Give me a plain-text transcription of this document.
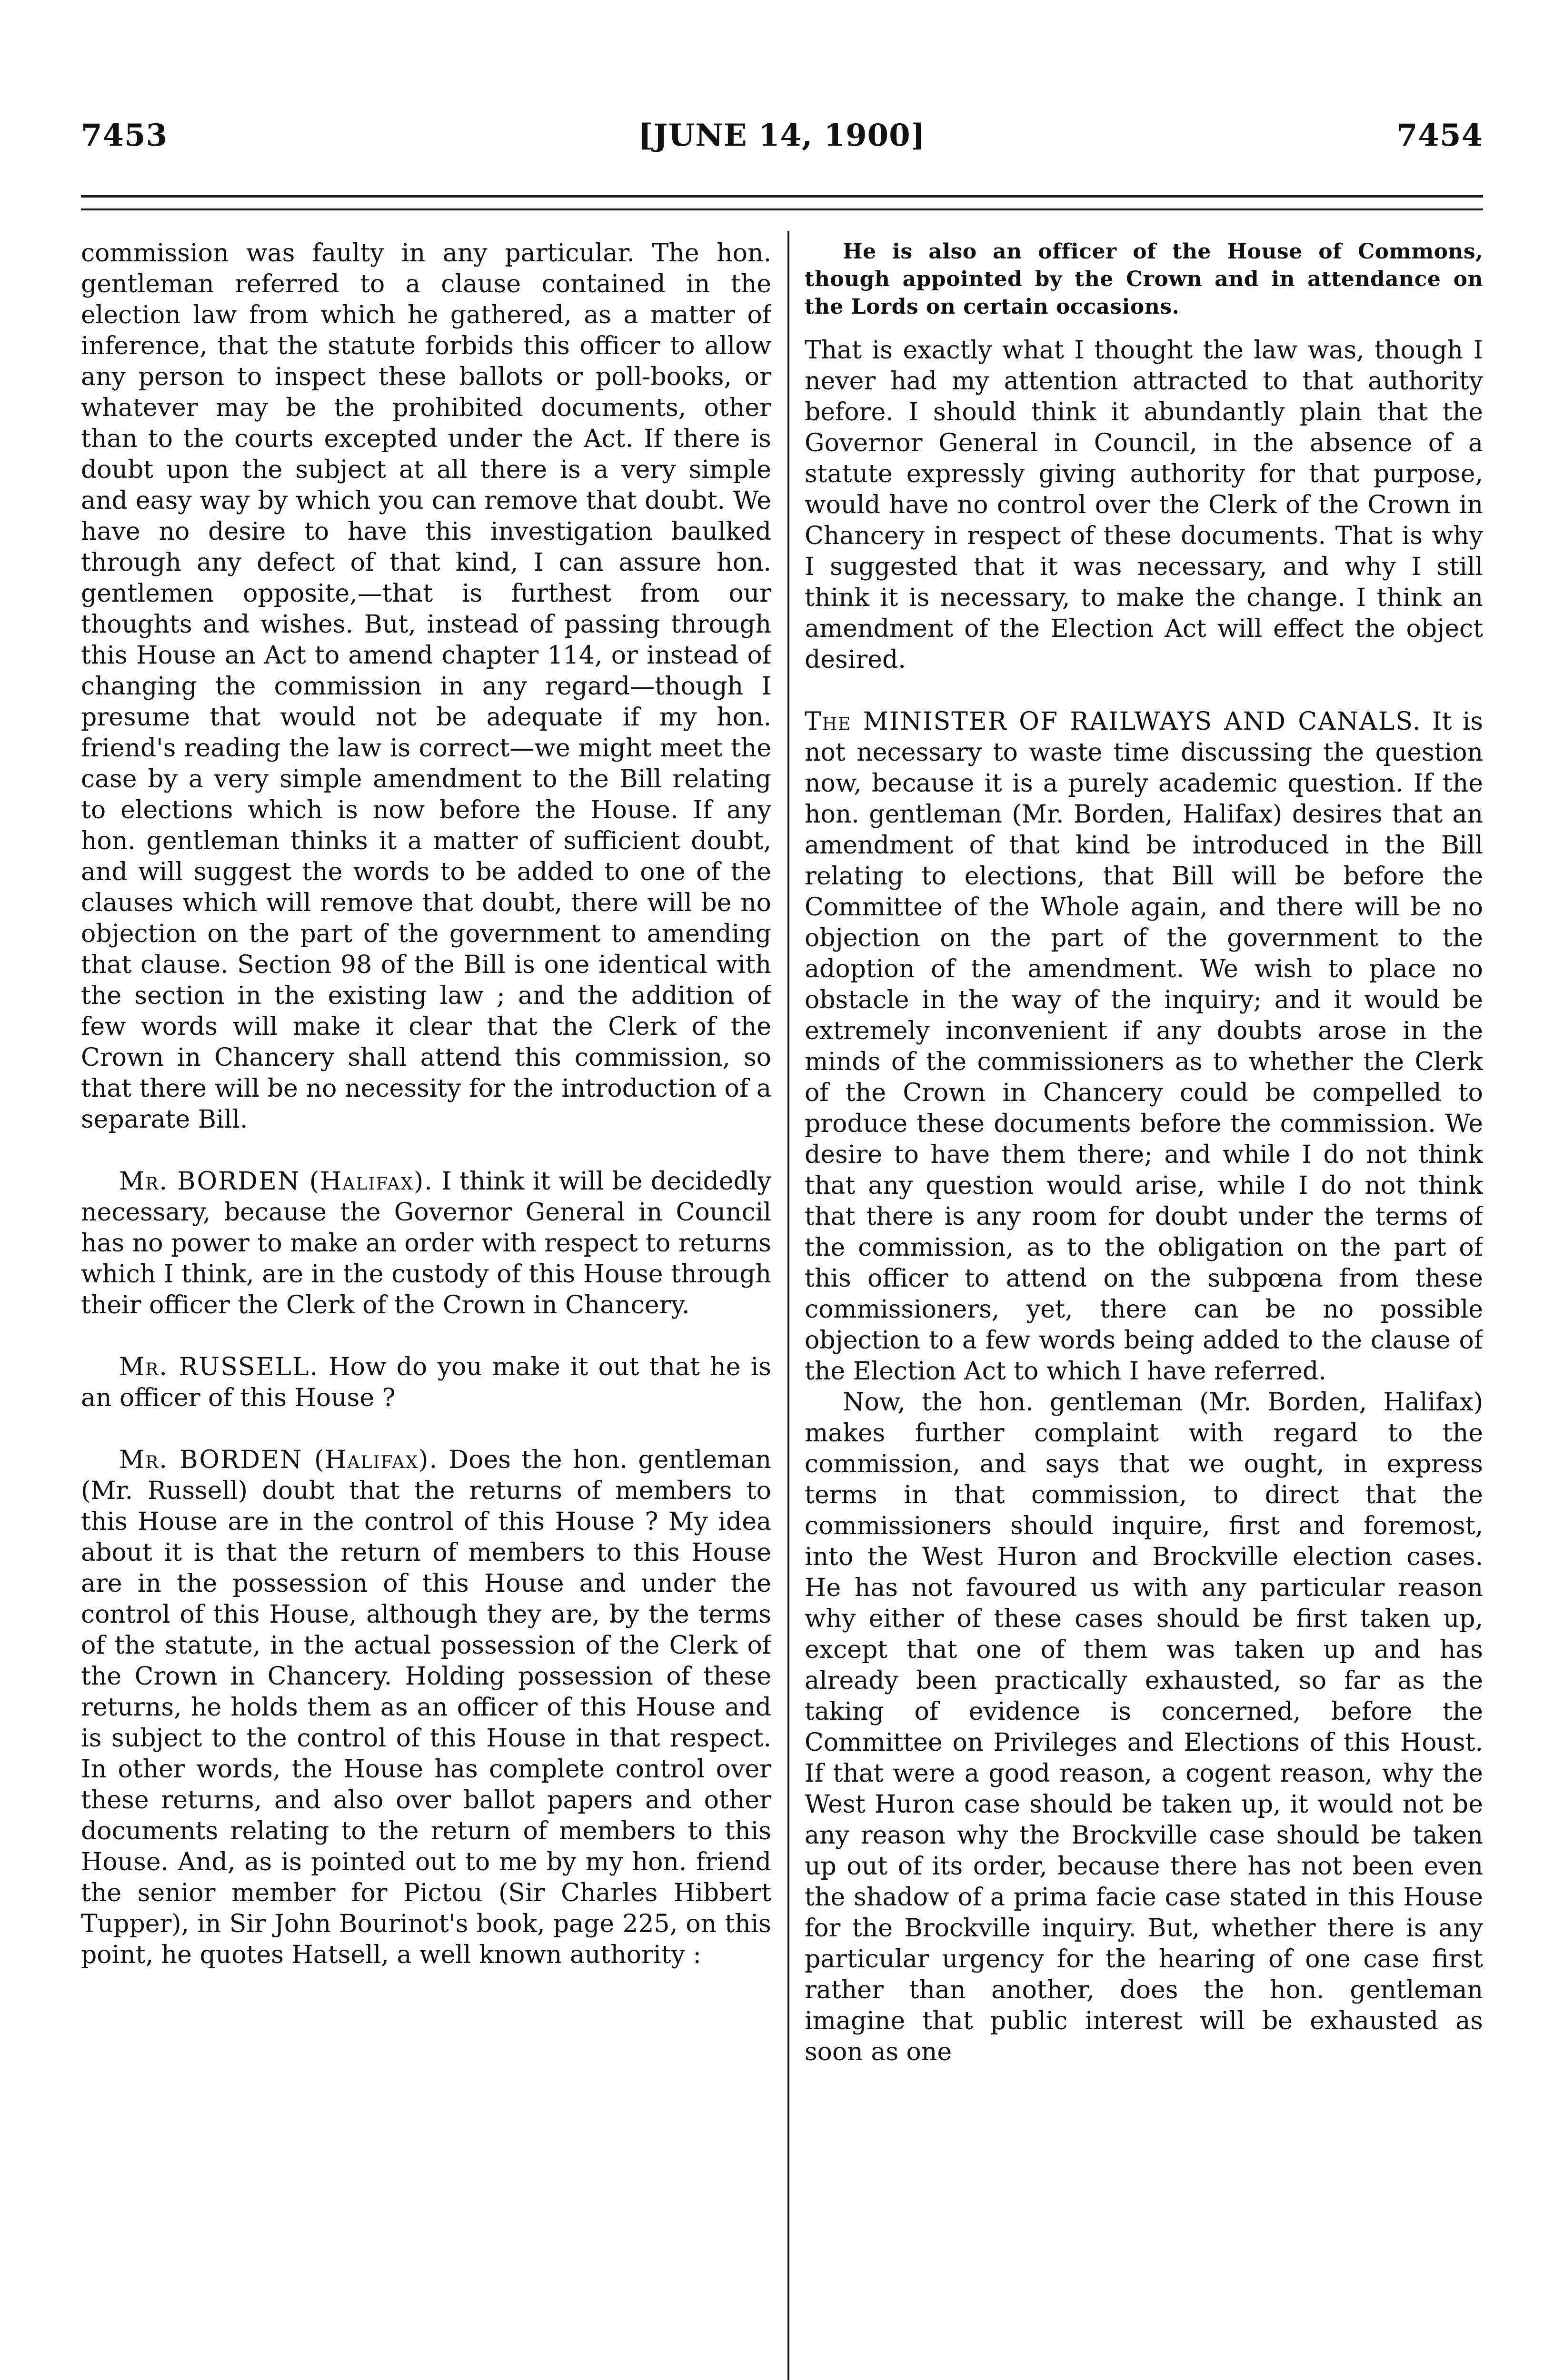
7453	[JUNE 14, 1900]	7454

commission was faulty in any particular. The hon. gentleman referred to a clause contained in the election law from which he gathered, as a matter of inference, that the statute forbids this officer to allow any person to inspect these ballots or poll-books, or whatever may be the prohibited documents, other than to the courts excepted under the Act. If there is doubt upon the subject at all there is a very simple and easy way by which you can remove that doubt. We have no desire to have this investigation baulked through any defect of that kind, I can assure hon. gentlemen opposite,—that is furthest from our thoughts and wishes. But, instead of passing through this House an Act to amend chapter 114, or instead of changing the commission in any regard—though I presume that would not be adequate if my hon. friend's reading the law is correct—we might meet the case by a very simple amendment to the Bill relating to elections which is now before the House. If any hon. gentleman thinks it a matter of sufficient doubt, and will suggest the words to be added to one of the clauses which will remove that doubt, there will be no objection on the part of the government to amending that clause. Section 98 of the Bill is one identical with the section in the existing law ; and the addition of few words will make it clear that the Clerk of the Crown in Chancery shall attend this commission, so that there will be no necessity for the introduction of a separate Bill.

Mr. BORDEN (Halifax). I think it will be decidedly necessary, because the Governor General in Council has no power to make an order with respect to returns which I think, are in the custody of this House through their officer the Clerk of the Crown in Chancery.

Mr. RUSSELL. How do you make it out that he is an officer of this House ?

Mr. BORDEN (Halifax). Does the hon. gentleman (Mr. Russell) doubt that the returns of members to this House are in the control of this House ? My idea about it is that the return of members to this House are in the possession of this House and under the control of this House, although they are, by the terms of the statute, in the actual possession of the Clerk of the Crown in Chancery. Holding possession of these returns, he holds them as an officer of this House and is subject to the control of this House in that respect. In other words, the House has complete control over these returns, and also over ballot papers and other documents relating to the return of members to this House. And, as is pointed out to me by my hon. friend the senior member for Pictou (Sir Charles Hibbert Tupper), in Sir John Bourinot's book, page 225, on this point, he quotes Hatsell, a well known authority :

He is also an officer of the House of Commons, though appointed by the Crown and in attendance on the Lords on certain occasions.

That is exactly what I thought the law was, though I never had my attention attracted to that authority before. I should think it abundantly plain that the Governor General in Council, in the absence of a statute expressly giving authority for that purpose, would have no control over the Clerk of the Crown in Chancery in respect of these documents. That is why I suggested that it was necessary, and why I still think it is necessary, to make the change. I think an amendment of the Election Act will effect the object desired.

The MINISTER OF RAILWAYS AND CANALS. It is not necessary to waste time discussing the question now, because it is a purely academic question. If the hon. gentleman (Mr. Borden, Halifax) desires that an amendment of that kind be introduced in the Bill relating to elections, that Bill will be before the Committee of the Whole again, and there will be no objection on the part of the government to the adoption of the amendment. We wish to place no obstacle in the way of the inquiry; and it would be extremely inconvenient if any doubts arose in the minds of the commissioners as to whether the Clerk of the Crown in Chancery could be compelled to produce these documents before the commission. We desire to have them there; and while I do not think that any question would arise, while I do not think that there is any room for doubt under the terms of the commission, as to the obligation on the part of this officer to attend on the subpœna from these commissioners, yet, there can be no possible objection to a few words being added to the clause of the Election Act to which I have referred.

Now, the hon. gentleman (Mr. Borden, Halifax) makes further complaint with regard to the commission, and says that we ought, in express terms in that commission, to direct that the commissioners should inquire, first and foremost, into the West Huron and Brockville election cases. He has not favoured us with any particular reason why either of these cases should be first taken up, except that one of them was taken up and has already been practically exhausted, so far as the taking of evidence is concerned, before the Committee on Privileges and Elections of this Houst. If that were a good reason, a cogent reason, why the West Huron case should be taken up, it would not be any reason why the Brockville case should be taken up out of its order, because there has not been even the shadow of a prima facie case stated in this House for the Brockville inquiry. But, whether there is any particular urgency for the hearing of one case first rather than another, does the hon. gentleman imagine that public interest will be exhausted as soon as one
